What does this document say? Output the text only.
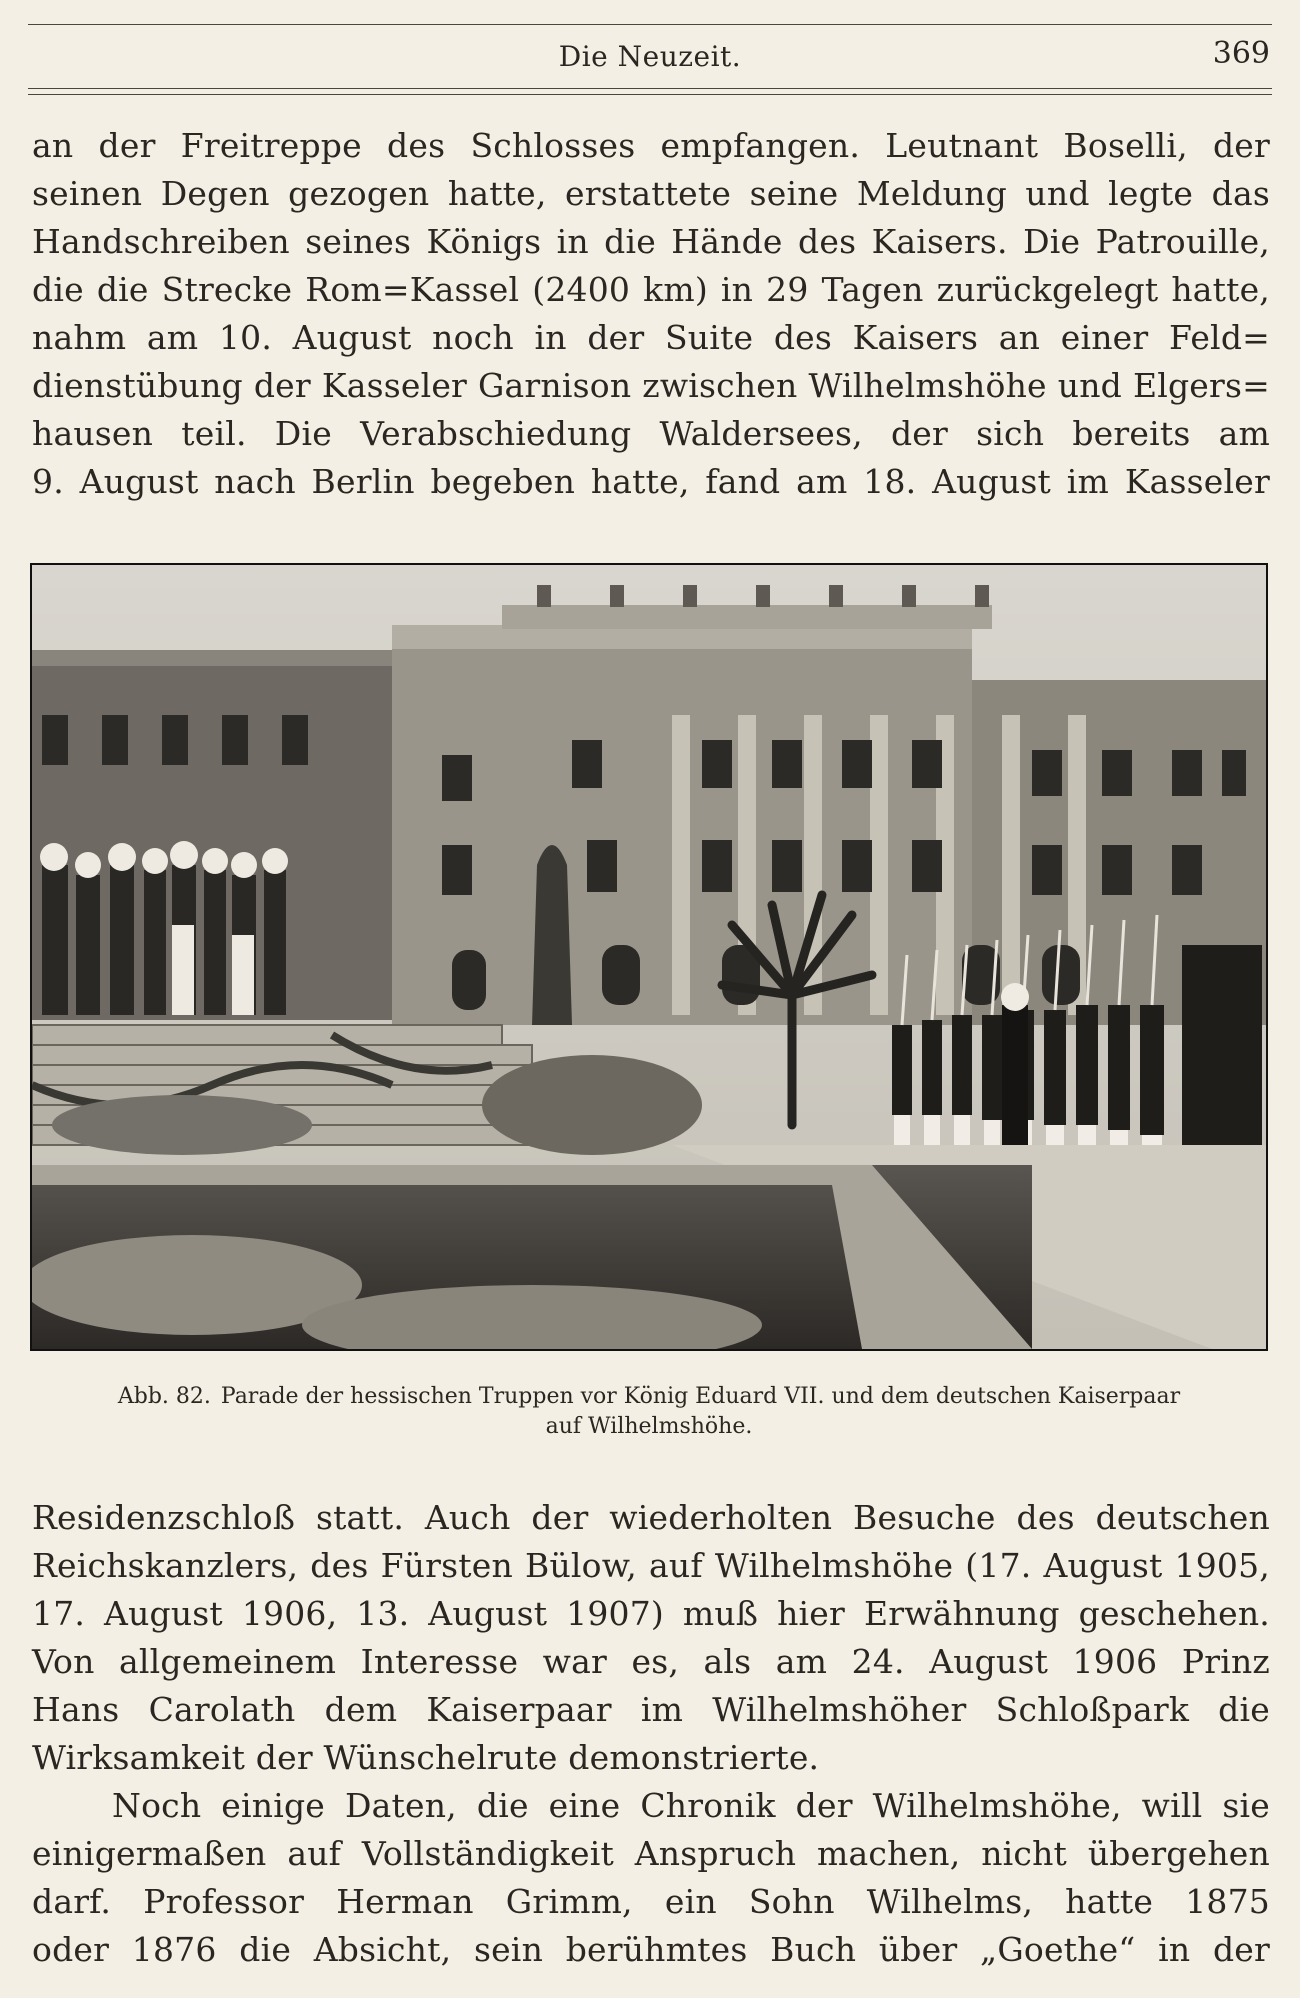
Die Neuzeit.	369
an der Freitreppe des Schlosses empfangen. Leutnant Boselli, der
seinen Degen gezogen hatte, erstattete seine Meldung und legte das
Handschreiben seines Königs in die Hände des Kaisers. Die Patrouille,
die die Strecke Rom=Kassel (2400 km) in 29 Tagen zurückgelegt hatte,
nahm am 10. August noch in der Suite des Kaisers an einer Feld=
dienstübung der Kasseler Garnison zwischen Wilhelmshöhe und Elgers=
hausen teil. Die Verabschiedung Waldersees, der sich bereits am
9. August nach Berlin begeben hatte, fand am 18. August im Kasseler
Abb. 82. Parade der hessischen Truppen vor König Eduard VII. und dem deutschen Kaiserpaar
auf Wilhelmshöhe.
Residenzschloß statt. Auch der wiederholten Besuche des deutschen
Reichskanzlers, des Fürsten Bülow, auf Wilhelmshöhe (17. August 1905,
17. August 1906, 13. August 1907) muß hier Erwähnung geschehen.
Von allgemeinem Interesse war es, als am 24. August 1906 Prinz
Hans Carolath dem Kaiserpaar im Wilhelmshöher Schloßpark die
Wirksamkeit der Wünschelrute demonstrierte.
Noch einige Daten, die eine Chronik der Wilhelmshöhe, will sie
einigermaßen auf Vollständigkeit Anspruch machen, nicht übergehen
darf. Professor Herman Grimm, ein Sohn Wilhelms, hatte 1875
oder 1876 die Absicht, sein berühmtes Buch über „Goethe“ in der
